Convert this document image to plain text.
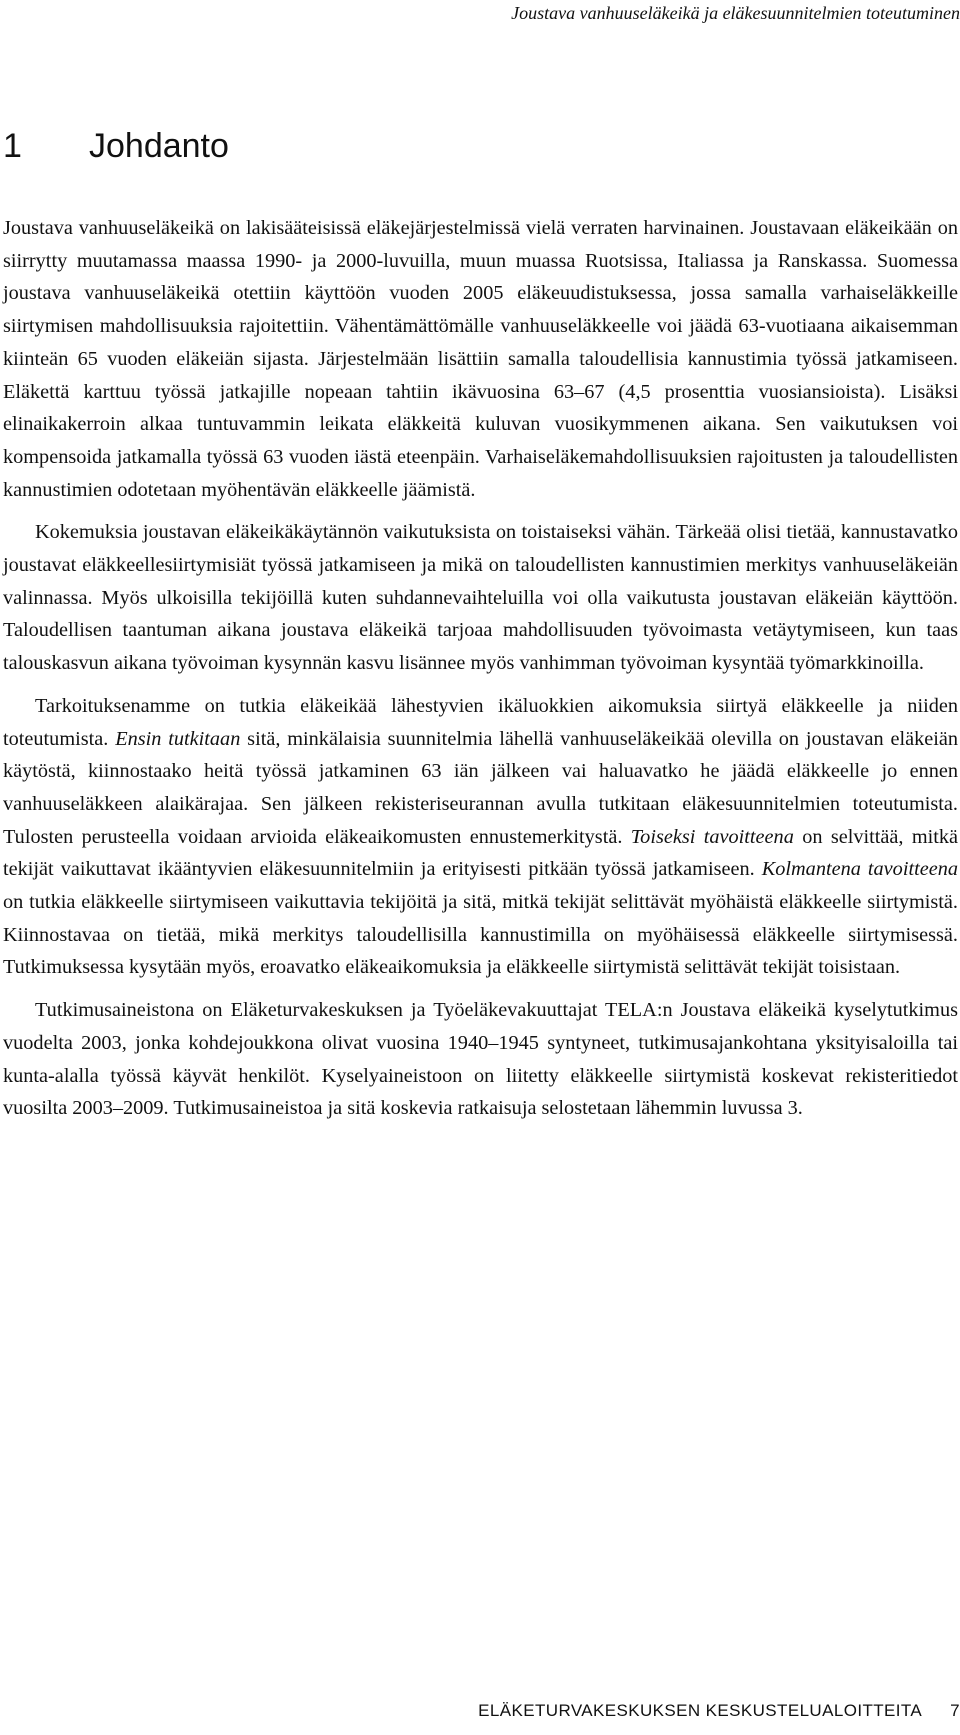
Joustava vanhuuseläkeikä ja eläkesuunnitelmien toteutuminen
1 Johdanto

Joustava vanhuuseläkeikä on lakisääteisissä eläkejärjestelmissä vielä verraten harvinainen. Joustavaan eläkeikään on siirrytty muutamassa maassa 1990- ja 2000-luvuilla, muun muassa Ruotsissa, Italiassa ja Ranskassa. Suomessa joustava vanhuuseläkeikä otettiin käyttöön vuoden 2005 eläkeuudistuksessa, jossa samalla varhaiseläkkeille siirtymisen mahdollisuuksia rajoitettiin. Vähentämättömälle vanhuuseläkkeelle voi jäädä 63-vuotiaana aikaisemman kiinteän 65 vuoden eläkeiän sijasta. Järjestelmään lisättiin samalla taloudellisia kannustimia työssä jatkamiseen. Eläkettä karttuu työssä jatkajille nopeaan tahtiin ikävuosina 63–67 (4,5 prosenttia vuosiansioista). Lisäksi elinaikakerroin alkaa tuntuvammin leikata eläkkeitä kuluvan vuosikymmenen aikana. Sen vaikutuksen voi kompensoida jatkamalla työssä 63 vuoden iästä eteenpäin. Varhaiseläkemahdollisuuksien rajoitusten ja taloudellisten kannustimien odotetaan myöhentävän eläkkeelle jäämistä.

Kokemuksia joustavan eläkeikäkäytännön vaikutuksista on toistaiseksi vähän. Tärkeää olisi tietää, kannustavatko joustavat eläkkeellesiirtymisiät työssä jatkamiseen ja mikä on taloudellisten kannustimien merkitys vanhuuseläkeiän valinnassa. Myös ulkoisilla tekijöillä kuten suhdannevaihteluilla voi olla vaikutusta joustavan eläkeiän käyttöön. Taloudellisen taantuman aikana joustava eläkeikä tarjoaa mahdollisuuden työvoimasta vetäytymiseen, kun taas talouskasvun aikana työvoiman kysynnän kasvu lisännee myös vanhimman työvoiman kysyntää työmarkkinoilla.

Tarkoituksenamme on tutkia eläkeikää lähestyvien ikäluokkien aikomuksia siirtyä eläkkeelle ja niiden toteutumista. Ensin tutkitaan sitä, minkälaisia suunnitelmia lähellä vanhuuseläkeikää olevilla on joustavan eläkeiän käytöstä, kiinnostaako heitä työssä jatkaminen 63 iän jälkeen vai haluavatko he jäädä eläkkeelle jo ennen vanhuuseläkkeen alaikärajaa. Sen jälkeen rekisteriseurannan avulla tutkitaan eläkesuunnitelmien toteutumista. Tulosten perusteella voidaan arvioida eläkeaikomusten ennustemerkitystä. Toiseksi tavoitteena on selvittää, mitkä tekijät vaikuttavat ikääntyvien eläkesuunnitelmiin ja erityisesti pitkään työssä jatkamiseen. Kolmantena tavoitteena on tutkia eläkkeelle siirtymiseen vaikuttavia tekijöitä ja sitä, mitkä tekijät selittävät myöhäistä eläkkeelle siirtymistä. Kiinnostavaa on tietää, mikä merkitys taloudellisilla kannustimilla on myöhäisessä eläkkeelle siirtymisessä. Tutkimuksessa kysytään myös, eroavatko eläkeaikomuksia ja eläkkeelle siirtymistä selittävät tekijät toisistaan.

Tutkimusaineistona on Eläketurvakeskuksen ja Työeläkevakuuttajat TELA:n Joustava eläkeikä kyselytutkimus vuodelta 2003, jonka kohdejoukkona olivat vuosina 1940–1945 syntyneet, tutkimusajankohtana yksityisaloilla tai kunta-alalla työssä käyvät henkilöt. Kyselyaineistoon on liitetty eläkkeelle siirtymistä koskevat rekisteritiedot vuosilta 2003–2009. Tutkimusaineistoa ja sitä koskevia ratkaisuja selostetaan lähemmin luvussa 3.

ELÄKETURVAKESKUKSEN KESKUSTELUALOITTEITA 7
